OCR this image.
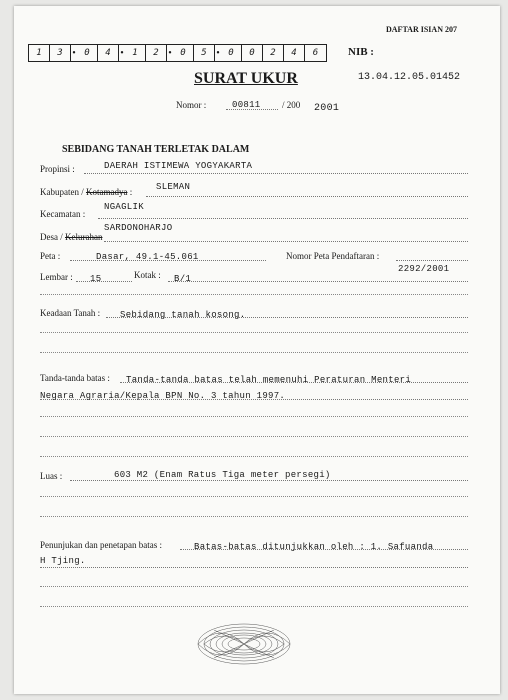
DAFTAR ISIAN 207
1	3 • 0	4 • 1	2 • 0	5 • 0	0	2	4	6	NIB :
13.04.12.05.01452
SURAT UKUR
Nomor :	00811 / 200 2001
SEBIDANG TANAH TERLETAK DALAM
Propinsi :	DAERAH ISTIMEWA YOGYAKARTA
Kabupaten / Kotamadya :	SLEMAN
Kecamatan :
NGAGLIK
Desa / Kelurahan
SARDONOHARJO
Peta :	Dasar, 49.1-45.061	Nomor Peta Pendaftaran :
2292/2001
Lembar : 15	Kotak : B/1
Keadaan Tanah : Sebidang tanah kosong.
Tanda-tanda batas : Tanda-tanda batas telah memenuhi Peraturan Menteri
Negara Agraria/Kepala BPN No. 3 tahun 1997.
Luas :	603 M2 (Enam Ratus Tiga meter persegi)
Penunjukan dan penetapan batas :	Batas-batas ditunjukkan oleh : 1. Safuanda
H Tjing.
